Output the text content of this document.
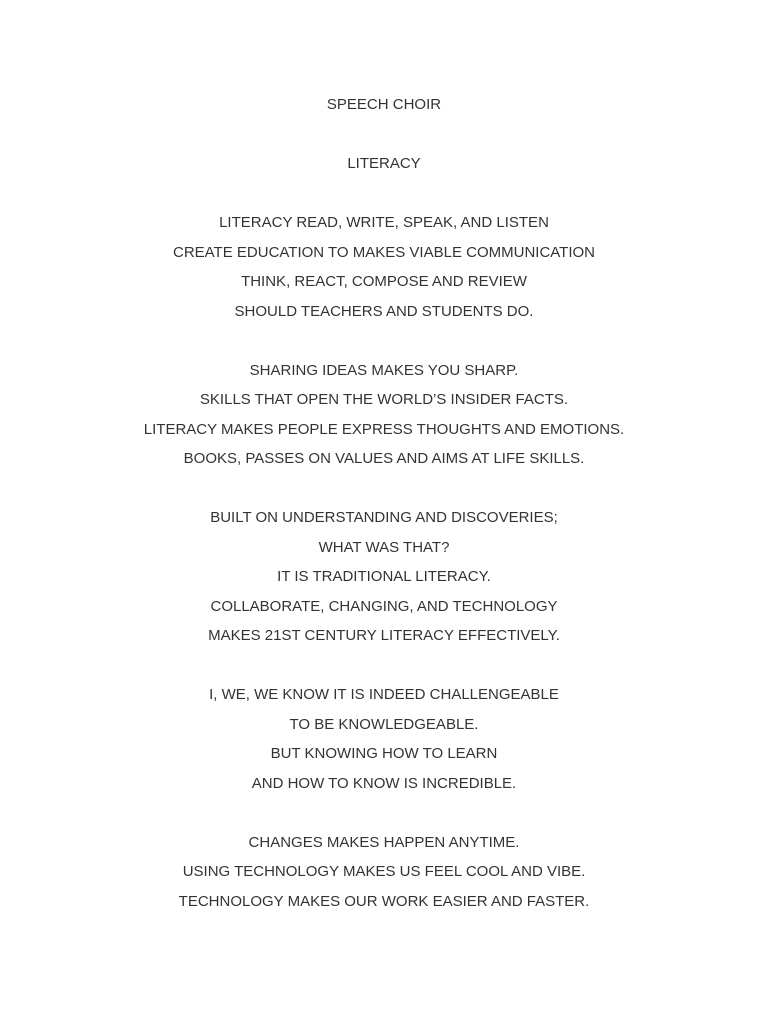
SPEECH CHOIR
LITERACY
LITERACY READ, WRITE, SPEAK, AND LISTEN
CREATE EDUCATION TO MAKES VIABLE COMMUNICATION
THINK, REACT, COMPOSE AND REVIEW
SHOULD TEACHERS AND STUDENTS DO.
SHARING IDEAS MAKES YOU SHARP.
SKILLS THAT OPEN THE WORLD’S INSIDER FACTS.
LITERACY MAKES PEOPLE EXPRESS THOUGHTS AND EMOTIONS.
BOOKS, PASSES ON VALUES AND AIMS AT LIFE SKILLS.
BUILT ON UNDERSTANDING AND DISCOVERIES;
WHAT WAS THAT?
IT IS TRADITIONAL LITERACY.
COLLABORATE, CHANGING, AND TECHNOLOGY
MAKES 21ST CENTURY LITERACY EFFECTIVELY.
I, WE, WE KNOW IT IS INDEED CHALLENGEABLE
TO BE KNOWLEDGEABLE.
BUT KNOWING HOW TO LEARN
AND HOW TO KNOW IS INCREDIBLE.
CHANGES MAKES HAPPEN ANYTIME.
USING TECHNOLOGY MAKES US FEEL COOL AND VIBE.
TECHNOLOGY MAKES OUR WORK EASIER AND FASTER.
